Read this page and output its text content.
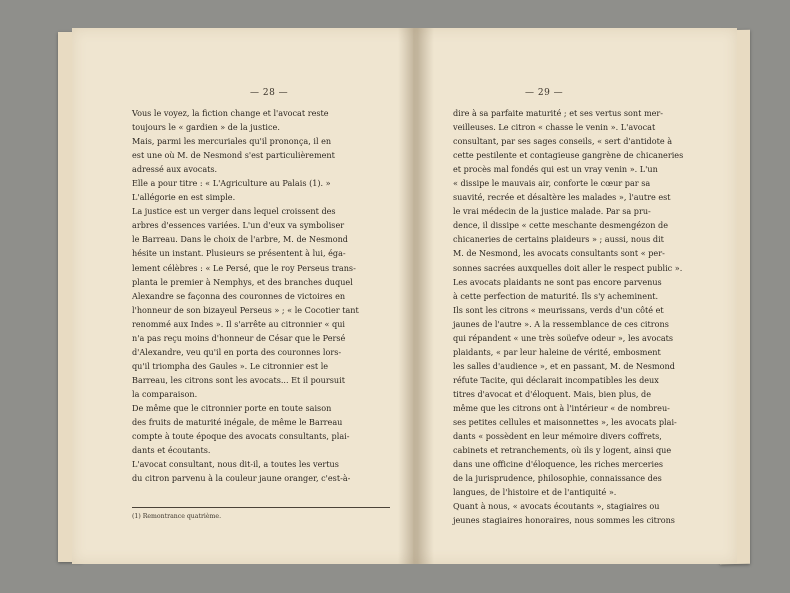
— 28 —
Vous le voyez, la fiction change et l'avocat reste
toujours le « gardien » de la justice.
Mais, parmi les mercuriales qu'il prononça, il en
est une où M. de Nesmond s'est particulièrement
adressé aux avocats.
Elle a pour titre : « L'Agriculture au Palais (1). »
L'allégorie en est simple.
La justice est un verger dans lequel croissent des
arbres d'essences variées. L'un d'eux va symboliser
le Barreau. Dans le choix de l'arbre, M. de Nesmond
hésite un instant. Plusieurs se présentent à lui, éga-
lement célèbres : « Le Persé, que le roy Perseus trans-
planta le premier à Nemphys, et des branches duquel
Alexandre se façonna des couronnes de victoires en
l'honneur de son bizayeul Perseus » ; « le Cocotier tant
renommé aux Indes ». Il s'arrête au citronnier « qui
n'a pas reçu moins d'honneur de César que le Persé
d'Alexandre, veu qu'il en porta des couronnes lors-
qu'il triompha des Gaules ». Le citronnier est le
Barreau, les citrons sont les avocats... Et il poursuit
la comparaison.
De même que le citronnier porte en toute saison
des fruits de maturité inégale, de même le Barreau
compte à toute époque des avocats consultants, plai-
dants et écoutants.
L'avocat consultant, nous dit-il, a toutes les vertus
du citron parvenu à la couleur jaune oranger, c'est-à-
(1) Remontrance quatrième.
— 29 —
dire à sa parfaite maturité ; et ses vertus sont mer-
veilleuses. Le citron « chasse le venin ». L'avocat
consultant, par ses sages conseils, « sert d'antidote à
cette pestilente et contagieuse gangrène de chicaneries
et procès mal fondés qui est un vray venin ». L'un
« dissipe le mauvais air, conforte le cœur par sa
suavité, recrée et désaltère les malades », l'autre est
le vrai médecin de la justice malade. Par sa pru-
dence, il dissipe « cette meschante desmengézon de
chicaneries de certains plaideurs » ; aussi, nous dit
M. de Nesmond, les avocats consultants sont « per-
sonnes sacrées auxquelles doit aller le respect public ».
Les avocats plaidants ne sont pas encore parvenus
à cette perfection de maturité. Ils s'y acheminent.
Ils sont les citrons « meurissans, verds d'un côté et
jaunes de l'autre ». A la ressemblance de ces citrons
qui répandent « une très soüefve odeur », les avocats
plaidants, « par leur haleine de vérité, embosment
les salles d'audience », et en passant, M. de Nesmond
réfute Tacite, qui déclarait incompatibles les deux
titres d'avocat et d'éloquent. Mais, bien plus, de
même que les citrons ont à l'intérieur « de nombreu-
ses petites cellules et maisonnettes », les avocats plai-
dants « possèdent en leur mémoire divers coffrets,
cabinets et retranchements, où ils y logent, ainsi que
dans une officine d'éloquence, les riches merceries
de la jurisprudence, philosophie, connaissance des
langues, de l'histoire et de l'antiquité ».
Quant à nous, « avocats écoutants », stagiaires ou
jeunes stagiaires honoraires, nous sommes les citrons
